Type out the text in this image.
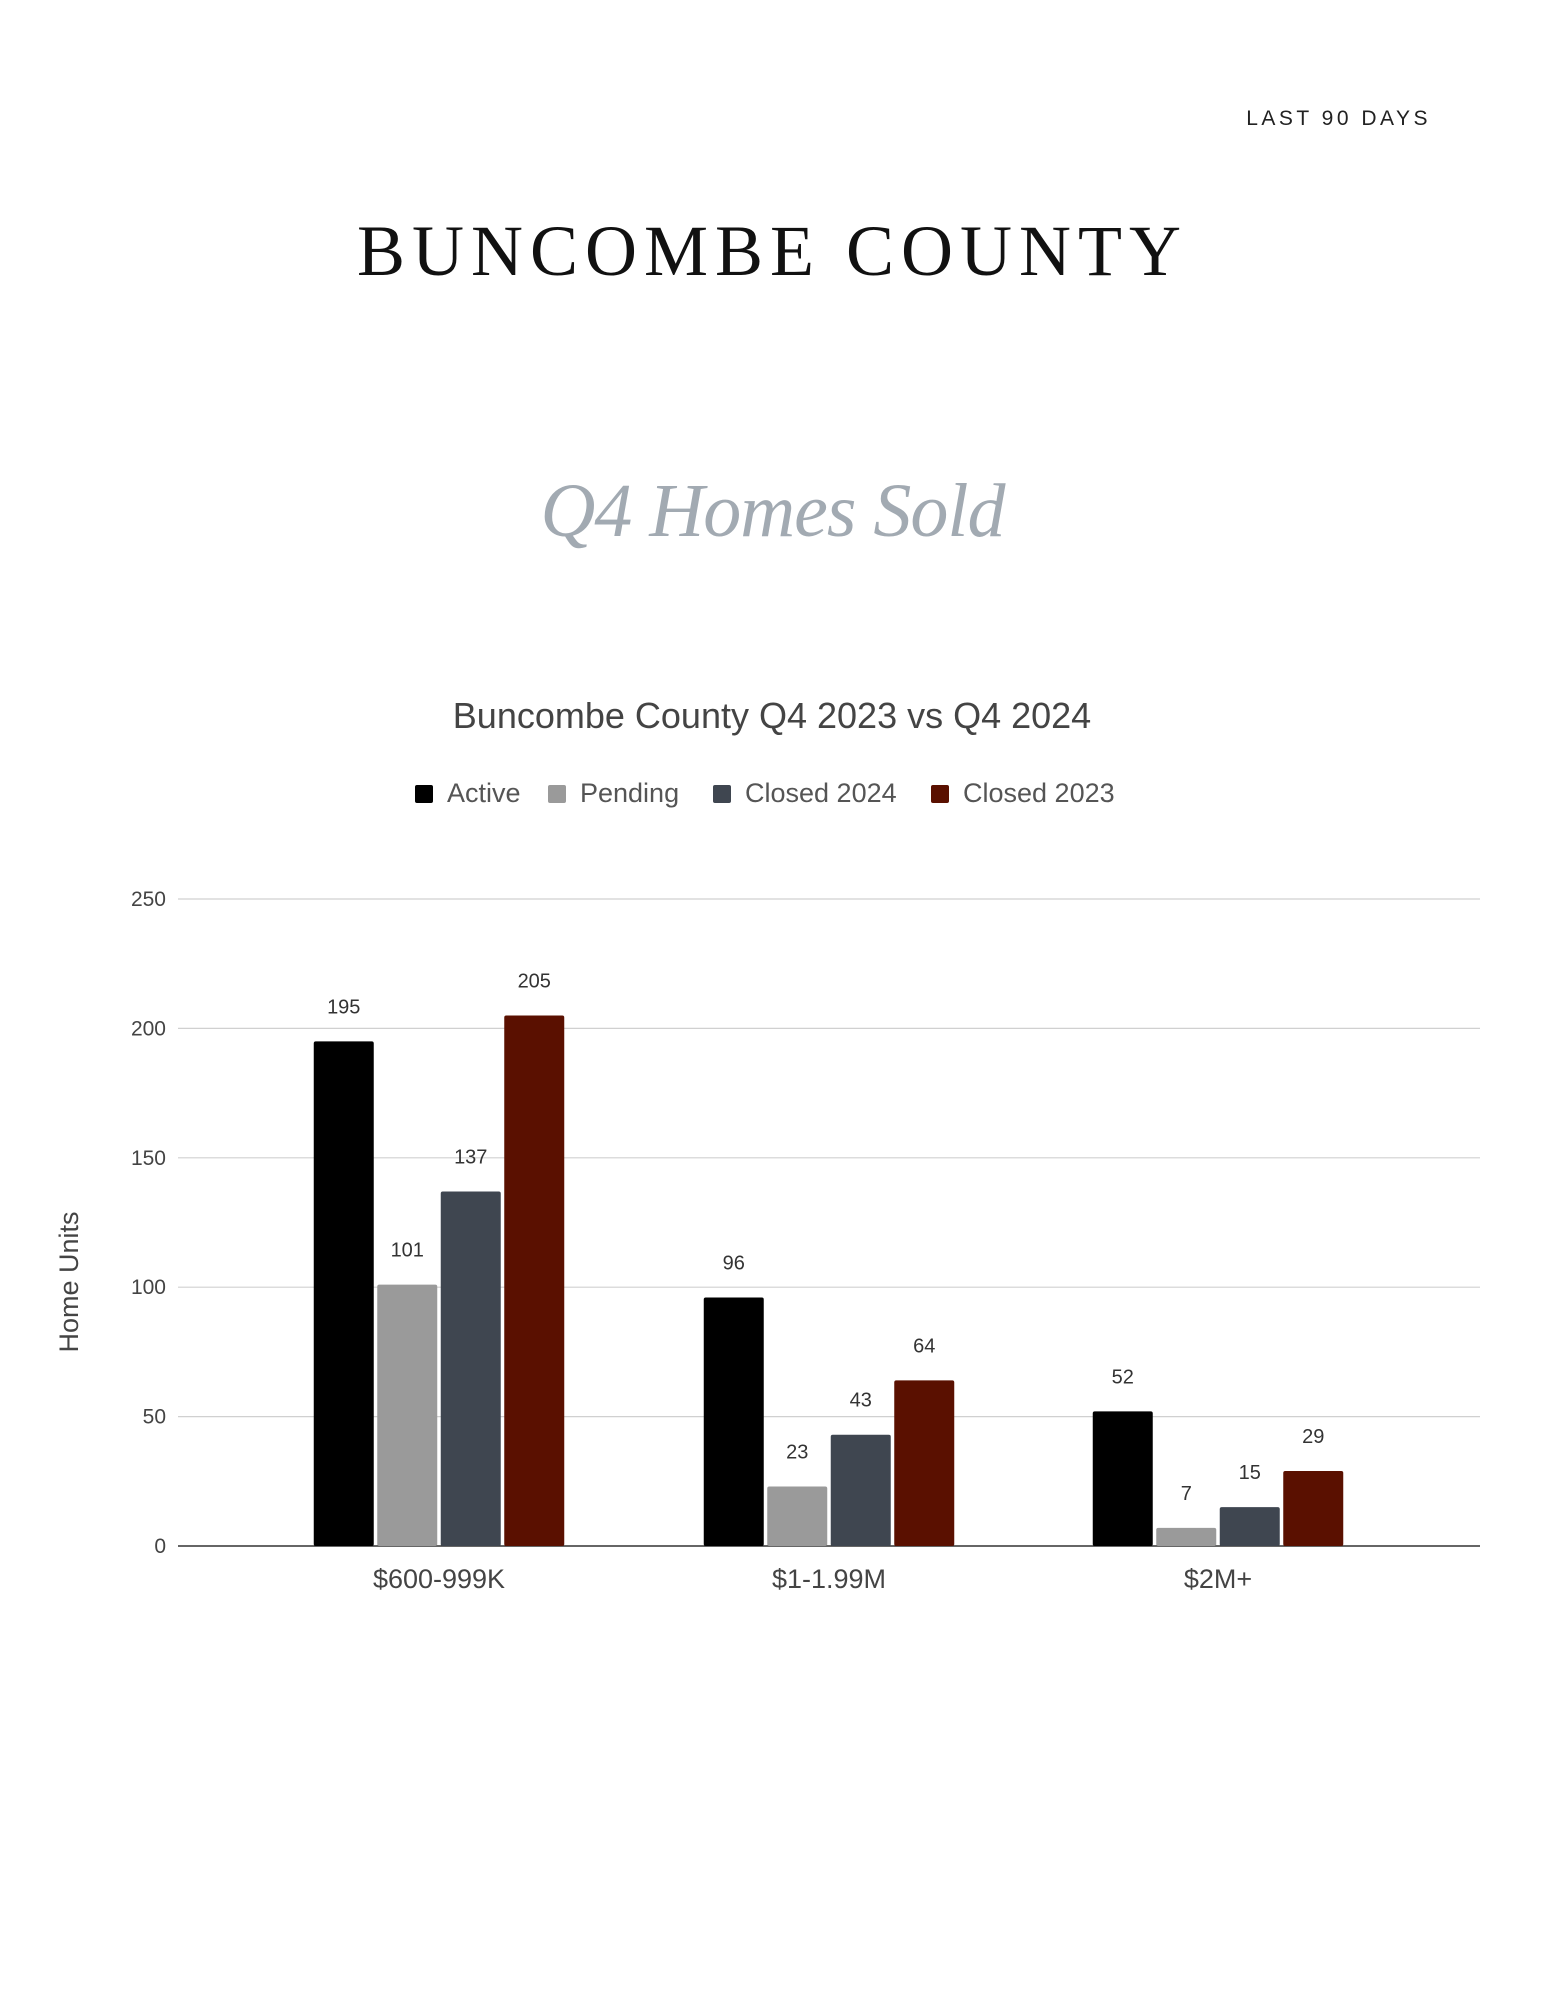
LAST 90 DAYS
BUNCOMBE COUNTY
Q4 Homes Sold
Buncombe County Q4 2023 vs Q4 2024
Active Pending Closed 2024 Closed 2023
0
50
100
150
200
250
195
101
137
205
96
23
43
64
52
7
15
29
$600-999K	$1-1.99M	$2M+
Home Units
